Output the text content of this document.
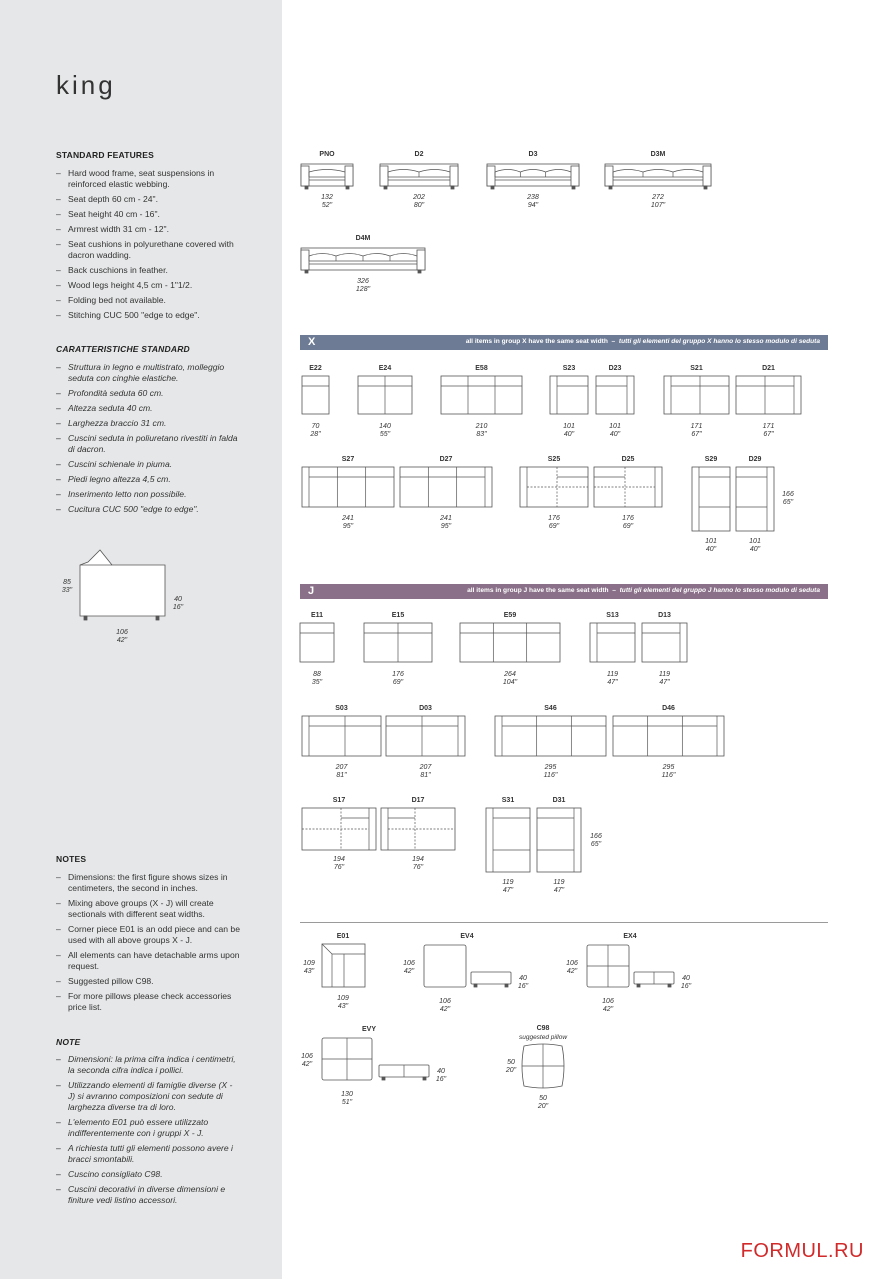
king
STANDARD FEATURES
– Hard wood frame, seat suspensions in reinforced elastic webbing.
– Seat depth 60 cm - 24".
– Seat height 40 cm - 16".
– Armrest width 31 cm - 12".
– Seat cushions in polyurethane covered with dacron wadding.
– Back cuschions in feather.
– Wood legs height 4,5 cm - 1"1/2.
– Folding bed not available.
– Stitching CUC 500 "edge to edge".
CARATTERISTICHE STANDARD
– Struttura in legno e multistrato, molleggio seduta con cinghie elastiche.
– Profondità seduta 60 cm.
– Altezza seduta 40 cm.
– Larghezza braccio 31 cm.
– Cuscini seduta in poliuretano rivestiti in falda di dacron.
– Cuscini schienale in piuma.
– Piedi legno altezza 4,5 cm.
– Inserimento letto non possibile.
– Cucitura CUC 500 "edge to edge".
NOTES
– Dimensions: the first figure shows sizes in centimeters, the second in inches.
– Mixing above groups (X - J) will create sectionals with different seat widths.
– Corner piece E01 is an odd piece and can be used with all above groups X - J.
– All elements can have detachable arms upon request.
– Suggested pillow C98.
– For more pillows please check accessories price list.
NOTE
– Dimensioni: la prima cifra indica i centimetri, la seconda cifra indica i pollici.
– Utilizzando elementi di famiglie diverse (X - J) si avranno composizioni con sedute di larghezza diverse tra di loro.
– L'elemento E01 può essere utilizzato indifferentemente con i gruppi X - J.
– A richiesta tutti gli elementi possono avere i bracci smontabili.
– Cuscino consigliato C98.
– Cuscini decorativi in diverse dimensioni e finiture vedi listino accessori.
X	all items in group X have the same seat width – tutti gli elementi del gruppo X hanno lo stesso modulo di seduta
J	all items in group J have the same seat width – tutti gli elementi del gruppo J hanno lo stesso modulo di seduta
85
33"
40
16"
106
42"
PNO
132
52"
D2
202
80"
D3
238
94"
D3M
272
107"
D4M
326
128"
E22
70
28"
E24
140
55"
E58
210
83"
S23
101
40"
D23
101
40"
S21
171
67"
D21
171
67"
S27
241
95"
D27
241
95"
S25
176
69"
D25
176
69"
S29
101
40"
D29
101
40"
166
65"
E11
88
35"
E15
176
69"
E59
264
104"
S13
119
47"
D13
119
47"
S03
207
81"
D03
207
81"
S46
295
116"
D46
295
116"
S17
194
76"
D17
194
76"
S31
119
47"
D31
119
47"
166
65"
E01
109
43"
109
43"
EV4
106
42"
106
42"
40
16"
EX4
106
42"
106
42"
40
16"
EVY
106
42"
130
51"
40
16"
C98
suggested pillow
50
20"
50
20"
FORMUL.RU
